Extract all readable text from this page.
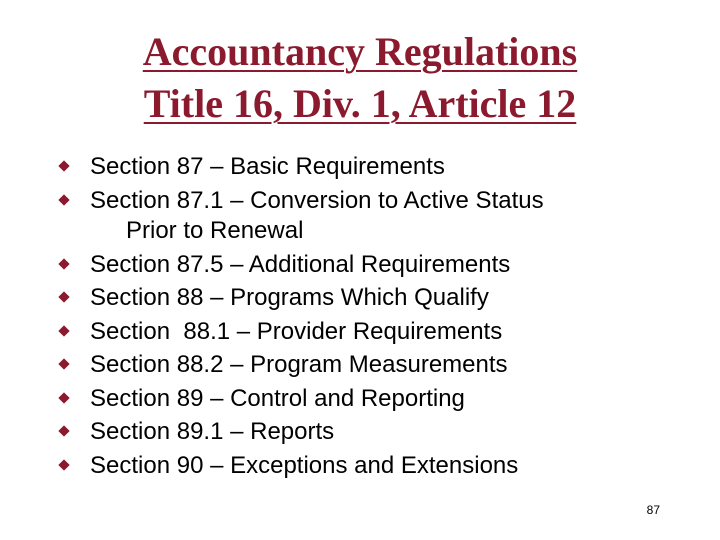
Accountancy Regulations
Title 16, Div. 1, Article 12
Section 87 – Basic Requirements
Section 87.1 – Conversion to Active Status
Prior to Renewal
Section 87.5 – Additional Requirements
Section 88 – Programs Which Qualify
Section  88.1 – Provider Requirements
Section 88.2 – Program Measurements
Section 89 – Control and Reporting
Section 89.1 – Reports
Section 90 – Exceptions and Extensions
87
